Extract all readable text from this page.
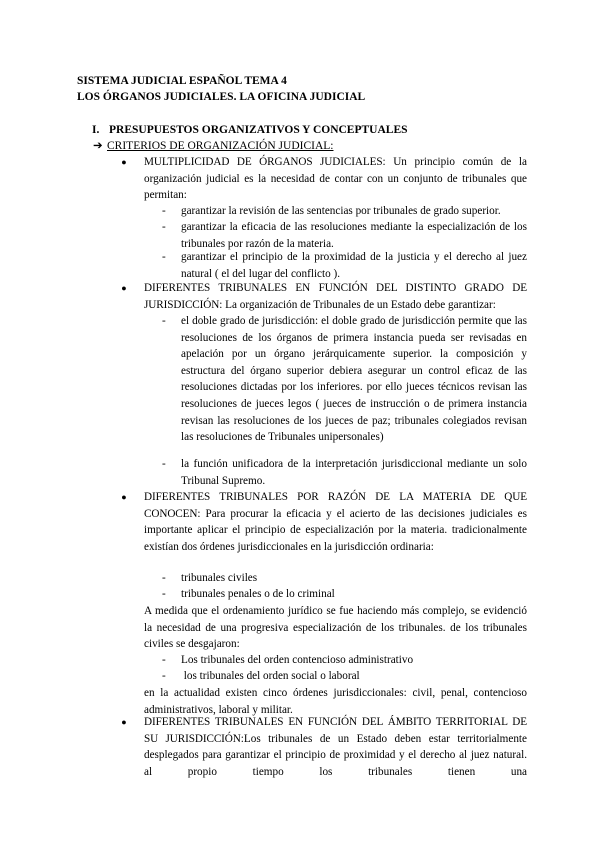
SISTEMA JUDICIAL ESPAÑOL TEMA 4
LOS ÓRGANOS JUDICIALES. LA OFICINA JUDICIAL
I. PRESUPUESTOS ORGANIZATIVOS Y CONCEPTUALES
➔ CRITERIOS DE ORGANIZACIÓN JUDICIAL:
● MULTIPLICIDAD DE ÓRGANOS JUDICIALES: Un principio común de la organización judicial es la necesidad de contar con un conjunto de tribunales que permitan:
-	garantizar la revisión de las sentencias por tribunales de grado superior.
-	garantizar la eficacia de las resoluciones mediante la especialización de los tribunales por razón de la materia.
-	garantizar el principio de la proximidad de la justicia y el derecho al juez natural ( el del lugar del conflicto ).
● DIFERENTES TRIBUNALES EN FUNCIÓN DEL DISTINTO GRADO DE JURISDICCIÓN: La organización de Tribunales de un Estado debe garantizar:
-	el doble grado de jurisdicción: el doble grado de jurisdicción permite que las resoluciones de los órganos de primera instancia pueda ser revisadas en apelación por un órgano jerárquicamente superior. la composición y estructura del órgano superior debiera asegurar un control eficaz de las resoluciones dictadas por los inferiores. por ello jueces técnicos revisan las resoluciones de jueces legos ( jueces de instrucción o de primera instancia revisan las resoluciones de los jueces de paz; tribunales colegiados revisan las resoluciones de Tribunales unipersonales)
-	la función unificadora de la interpretación jurisdiccional mediante un solo Tribunal Supremo.
● DIFERENTES TRIBUNALES POR RAZÓN DE LA MATERIA DE QUE CONOCEN: Para procurar la eficacia y el acierto de las decisiones judiciales es importante aplicar el principio de especialización por la materia. tradicionalmente existían dos órdenes jurisdiccionales en la jurisdicción ordinaria:
-	tribunales civiles
-	tribunales penales o de lo criminal
A medida que el ordenamiento jurídico se fue haciendo más complejo, se evidenció la necesidad de una progresiva especialización de los tribunales. de los tribunales civiles se desgajaron:
-	Los tribunales del orden contencioso administrativo
-	los tribunales del orden social o laboral
en la actualidad existen cinco órdenes jurisdiccionales: civil, penal, contencioso administrativos, laboral y militar.
● DIFERENTES TRIBUNALES EN FUNCIÓN DEL ÁMBITO TERRITORIAL DE SU JURISDICCIÓN:Los tribunales de un Estado deben estar territorialmente desplegados para garantizar el principio de proximidad y el derecho al juez natural. al propio tiempo los tribunales tienen una
